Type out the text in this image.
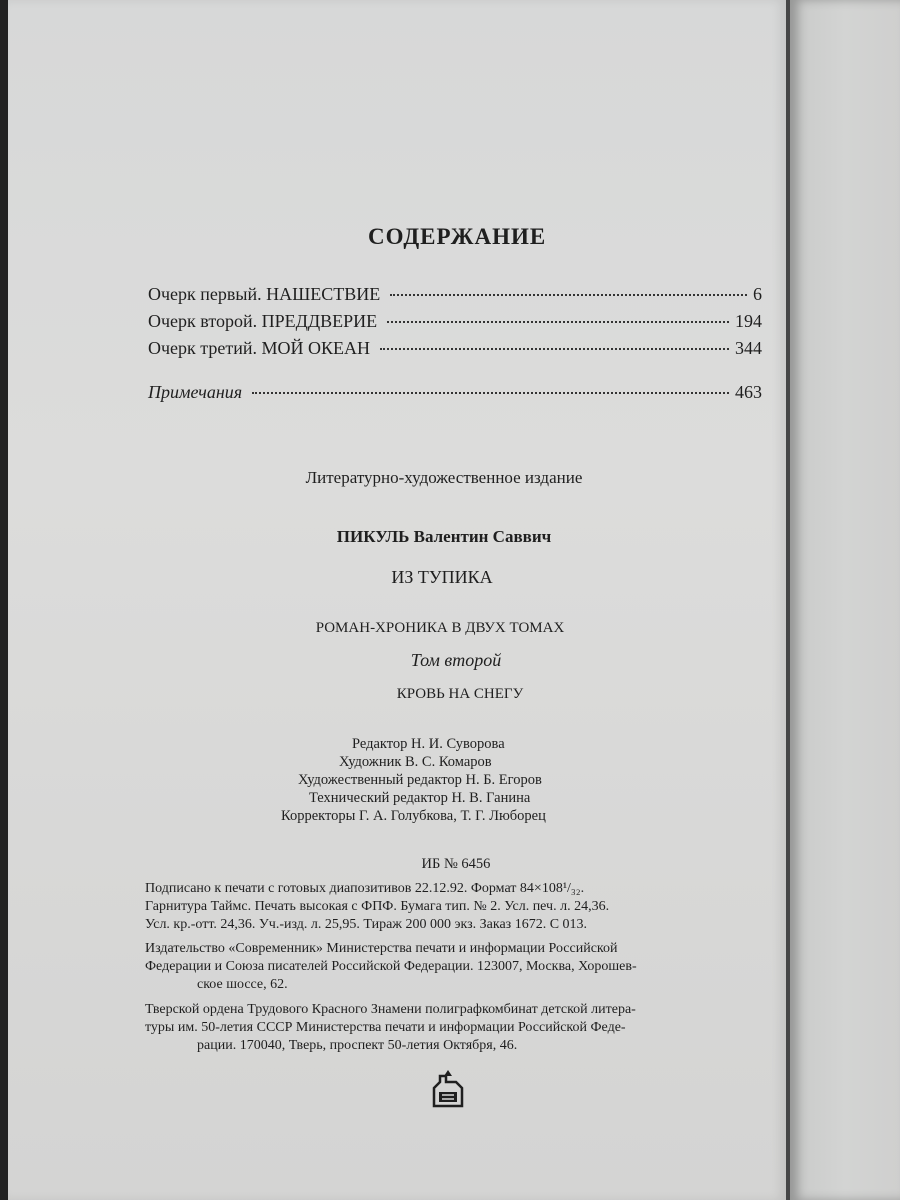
СОДЕРЖАНИЕ
Очерк первый. НАШЕСТВИЕ	6
Очерк второй. ПРЕДДВЕРИЕ	194
Очерк третий. МОЙ ОКЕАН	344
Примечания	463
Литературно-художественное издание
ПИКУЛЬ Валентин Саввич
ИЗ ТУПИКА
РОМАН-ХРОНИКА В ДВУХ ТОМАХ
Том второй
КРОВЬ НА СНЕГУ
Редактор Н. И. Суворова
Художник В. С. Комаров
Художественный редактор Н. Б. Егоров
Технический редактор Н. В. Ганина
Корректоры Г. А. Голубкова, Т. Г. Люборец
ИБ № 6456
Подписано к печати с готовых диапозитивов 22.12.92. Формат 84×108¹/₃₂.
Гарнитура Таймс. Печать высокая с ФПФ. Бумага тип. № 2. Усл. печ. л. 24,36.
Усл. кр.-отт. 24,36. Уч.-изд. л. 25,95. Тираж 200 000 экз. Заказ 1672. С 013.
Издательство «Современник» Министерства печати и информации Российской
Федерации и Союза писателей Российской Федерации. 123007, Москва, Хорошев-
ское шоссе, 62.
Тверской ордена Трудового Красного Знамени полиграфкомбинат детской литера-
туры им. 50-летия СССР Министерства печати и информации Российской Феде-
рации. 170040, Тверь, проспект 50-летия Октября, 46.
